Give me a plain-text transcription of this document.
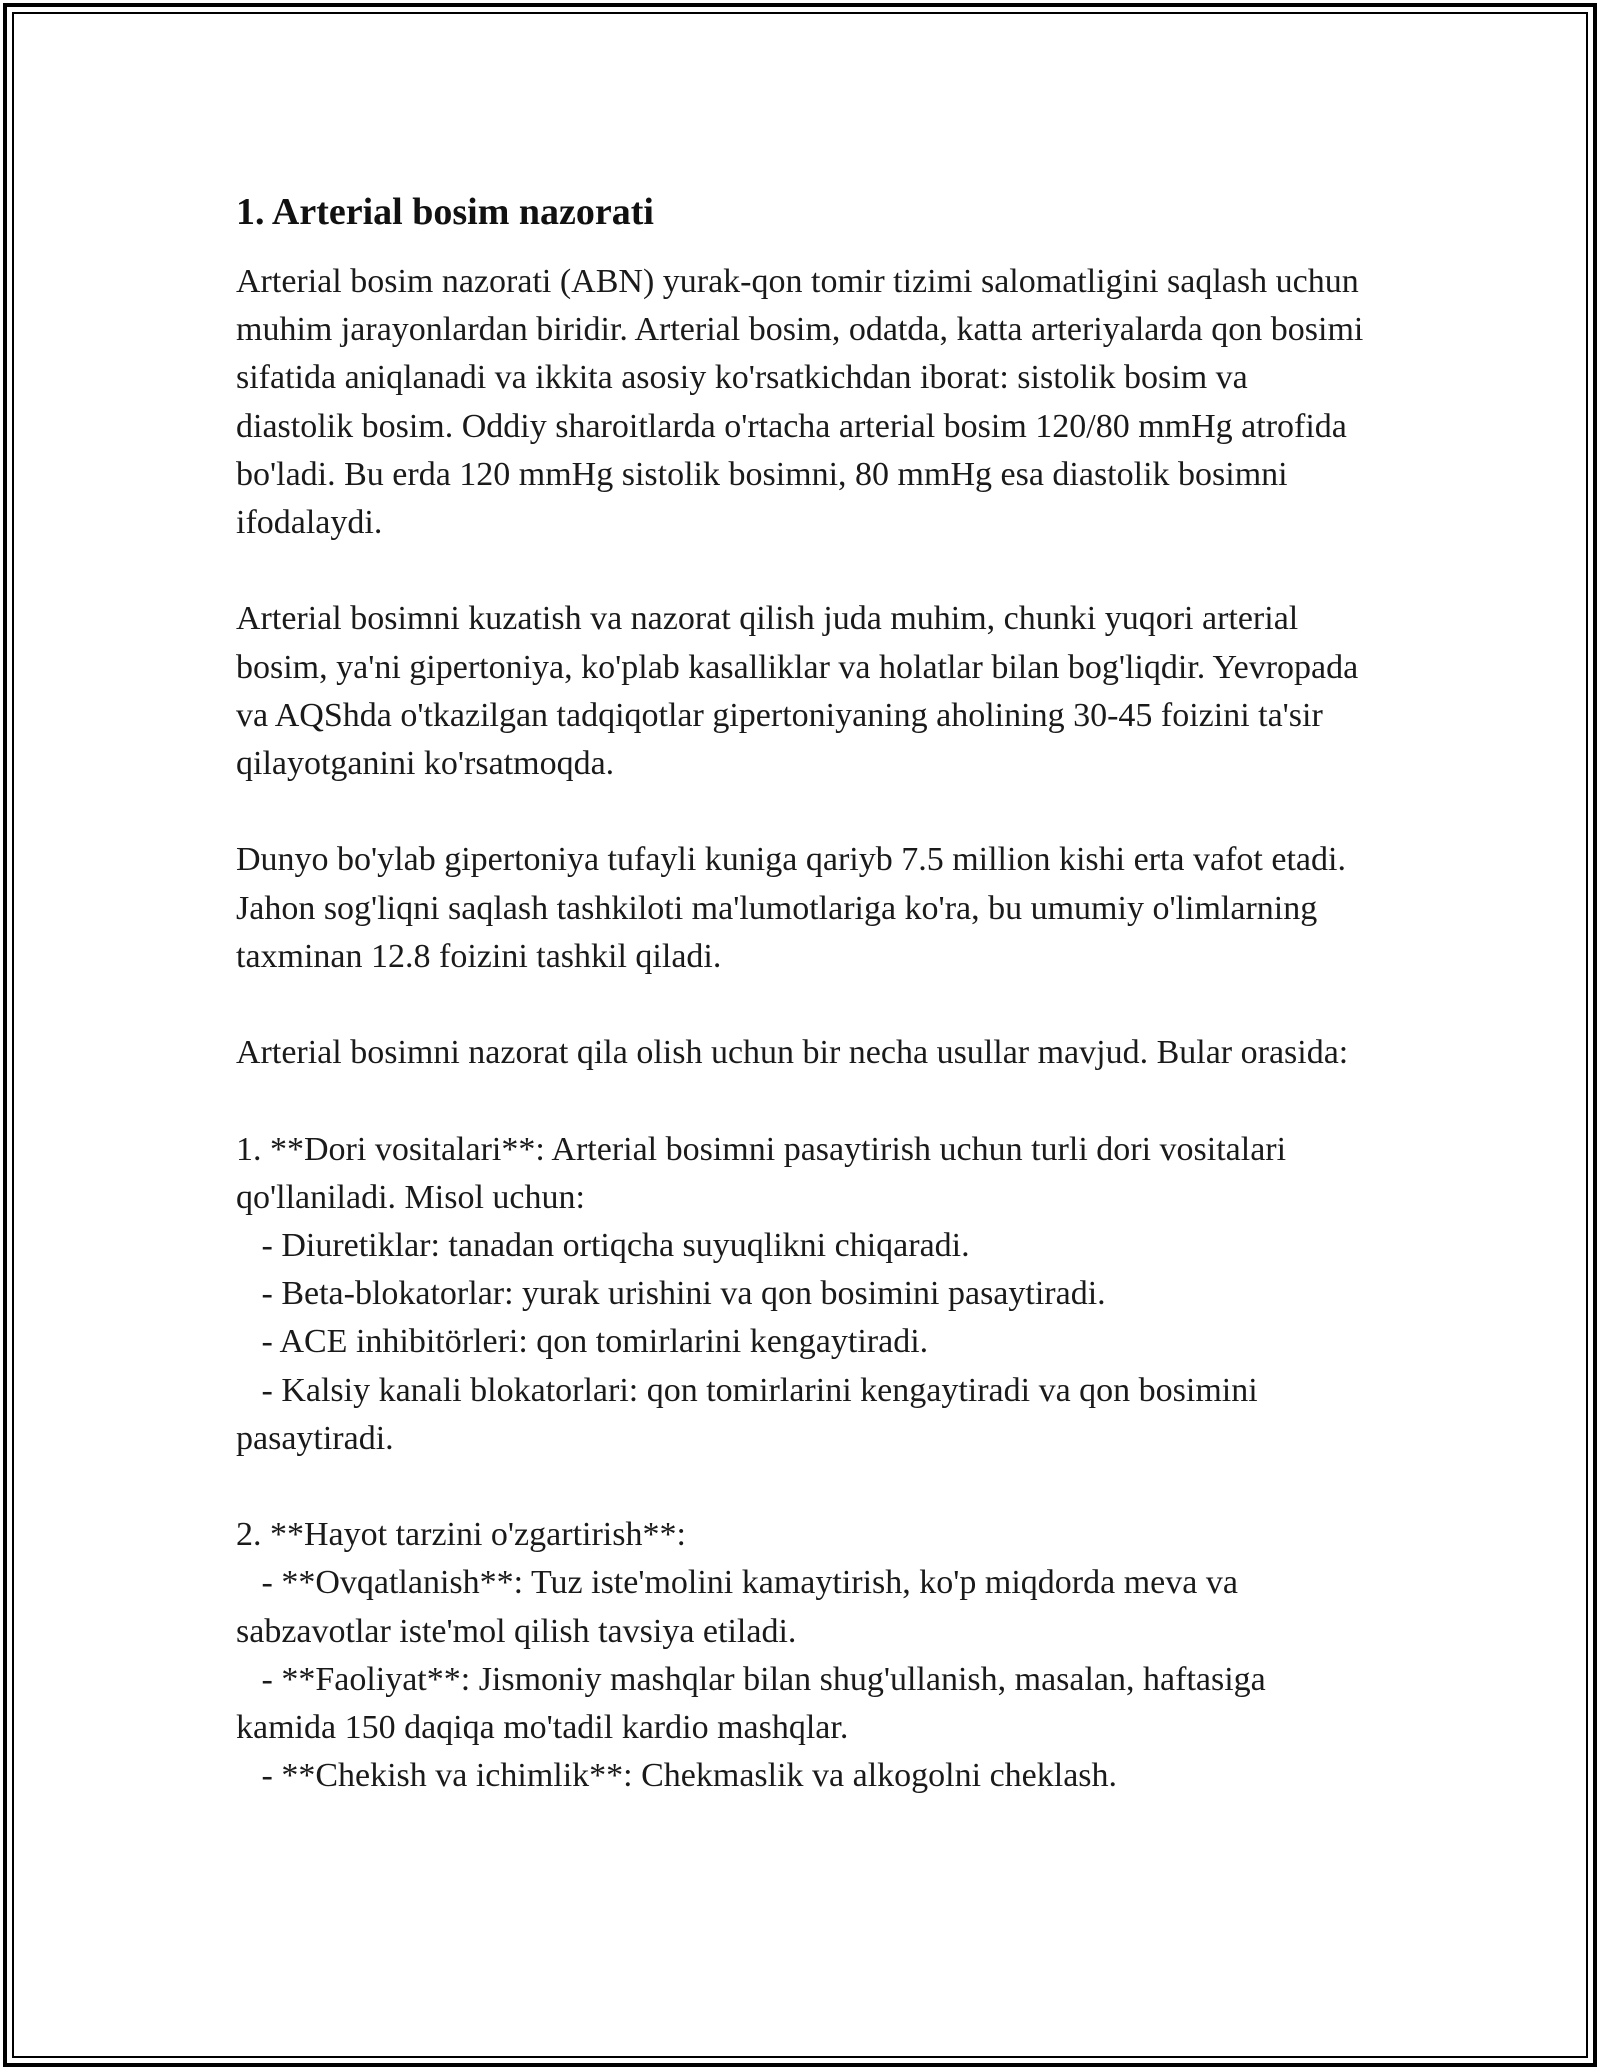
1. Arterial bosim nazorati

Arterial bosim nazorati (ABN) yurak-qon tomir tizimi salomatligini saqlash uchun muhim jarayonlardan biridir. Arterial bosim, odatda, katta arteriyalarda qon bosimi sifatida aniqlanadi va ikkita asosiy ko'rsatkichdan iborat: sistolik bosim va diastolik bosim. Oddiy sharoitlarda o'rtacha arterial bosim 120/80 mmHg atrofida bo'ladi. Bu erda 120 mmHg sistolik bosimni, 80 mmHg esa diastolik bosimni ifodalaydi.

Arterial bosimni kuzatish va nazorat qilish juda muhim, chunki yuqori arterial bosim, ya'ni gipertoniya, ko'plab kasalliklar va holatlar bilan bog'liqdir. Yevropada va AQShda o'tkazilgan tadqiqotlar gipertoniyaning aholining 30-45 foizini ta'sir qilayotganini ko'rsatmoqda.

Dunyo bo'ylab gipertoniya tufayli kuniga qariyb 7.5 million kishi erta vafot etadi. Jahon sog'liqni saqlash tashkiloti ma'lumotlariga ko'ra, bu umumiy o'limlarning taxminan 12.8 foizini tashkil qiladi.

Arterial bosimni nazorat qila olish uchun bir necha usullar mavjud. Bular orasida:

1. **Dori vositalari**: Arterial bosimni pasaytirish uchun turli dori vositalari qo'llaniladi. Misol uchun:

- Diuretiklar: tanadan ortiqcha suyuqlikni chiqaradi.

- Beta-blokatorlar: yurak urishini va qon bosimini pasaytiradi.

- ACE inhibitörleri: qon tomirlarini kengaytiradi.

- Kalsiy kanali blokatorlari: qon tomirlarini kengaytiradi va qon bosimini pasaytiradi.

2. **Hayot tarzini o'zgartirish**:

- **Ovqatlanish**: Tuz iste'molini kamaytirish, ko'p miqdorda meva va sabzavotlar iste'mol qilish tavsiya etiladi.

- **Faoliyat**: Jismoniy mashqlar bilan shug'ullanish, masalan, haftasiga kamida 150 daqiqa mo'tadil kardio mashqlar.

- **Chekish va ichimlik**: Chekmaslik va alkogolni cheklash.
